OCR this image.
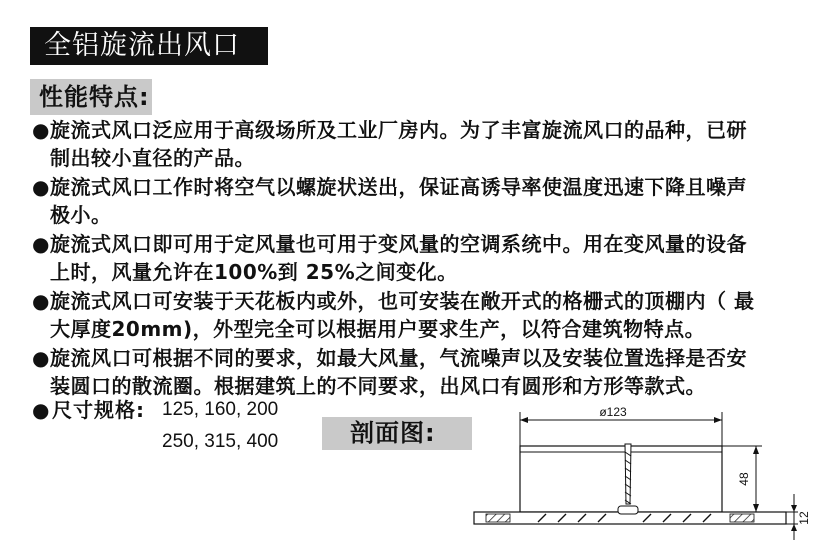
全铝旋流出风口
性能特点:
● 旋流式风口泛应用于高级场所及工业厂房内。为了丰富旋流风口的品种，已研
制出较小直径的产品。
● 旋流式风口工作时将空气以螺旋状送出，保证高诱导率使温度迅速下降且噪声
极小。
● 旋流式风口即可用于定风量也可用于变风量的空调系统中。用在变风量的设备
上时，风量允许在100%到 25%之间变化。
● 旋流式风口可安装于天花板内或外，也可安装在敞开式的格栅式的顶棚内（ 最
大厚度20mm)，外型完全可以根据用户要求生产，以符合建筑物特点。
● 旋流风口可根据不同的要求，如最大风量，气流噪声以及安装位置选择是否安
装圆口的散流圈。根据建筑上的不同要求，出风口有圆形和方形等款式。
● 尺寸规格: 125, 160, 200
250, 315, 400	剖面图:
ø123
48
12
